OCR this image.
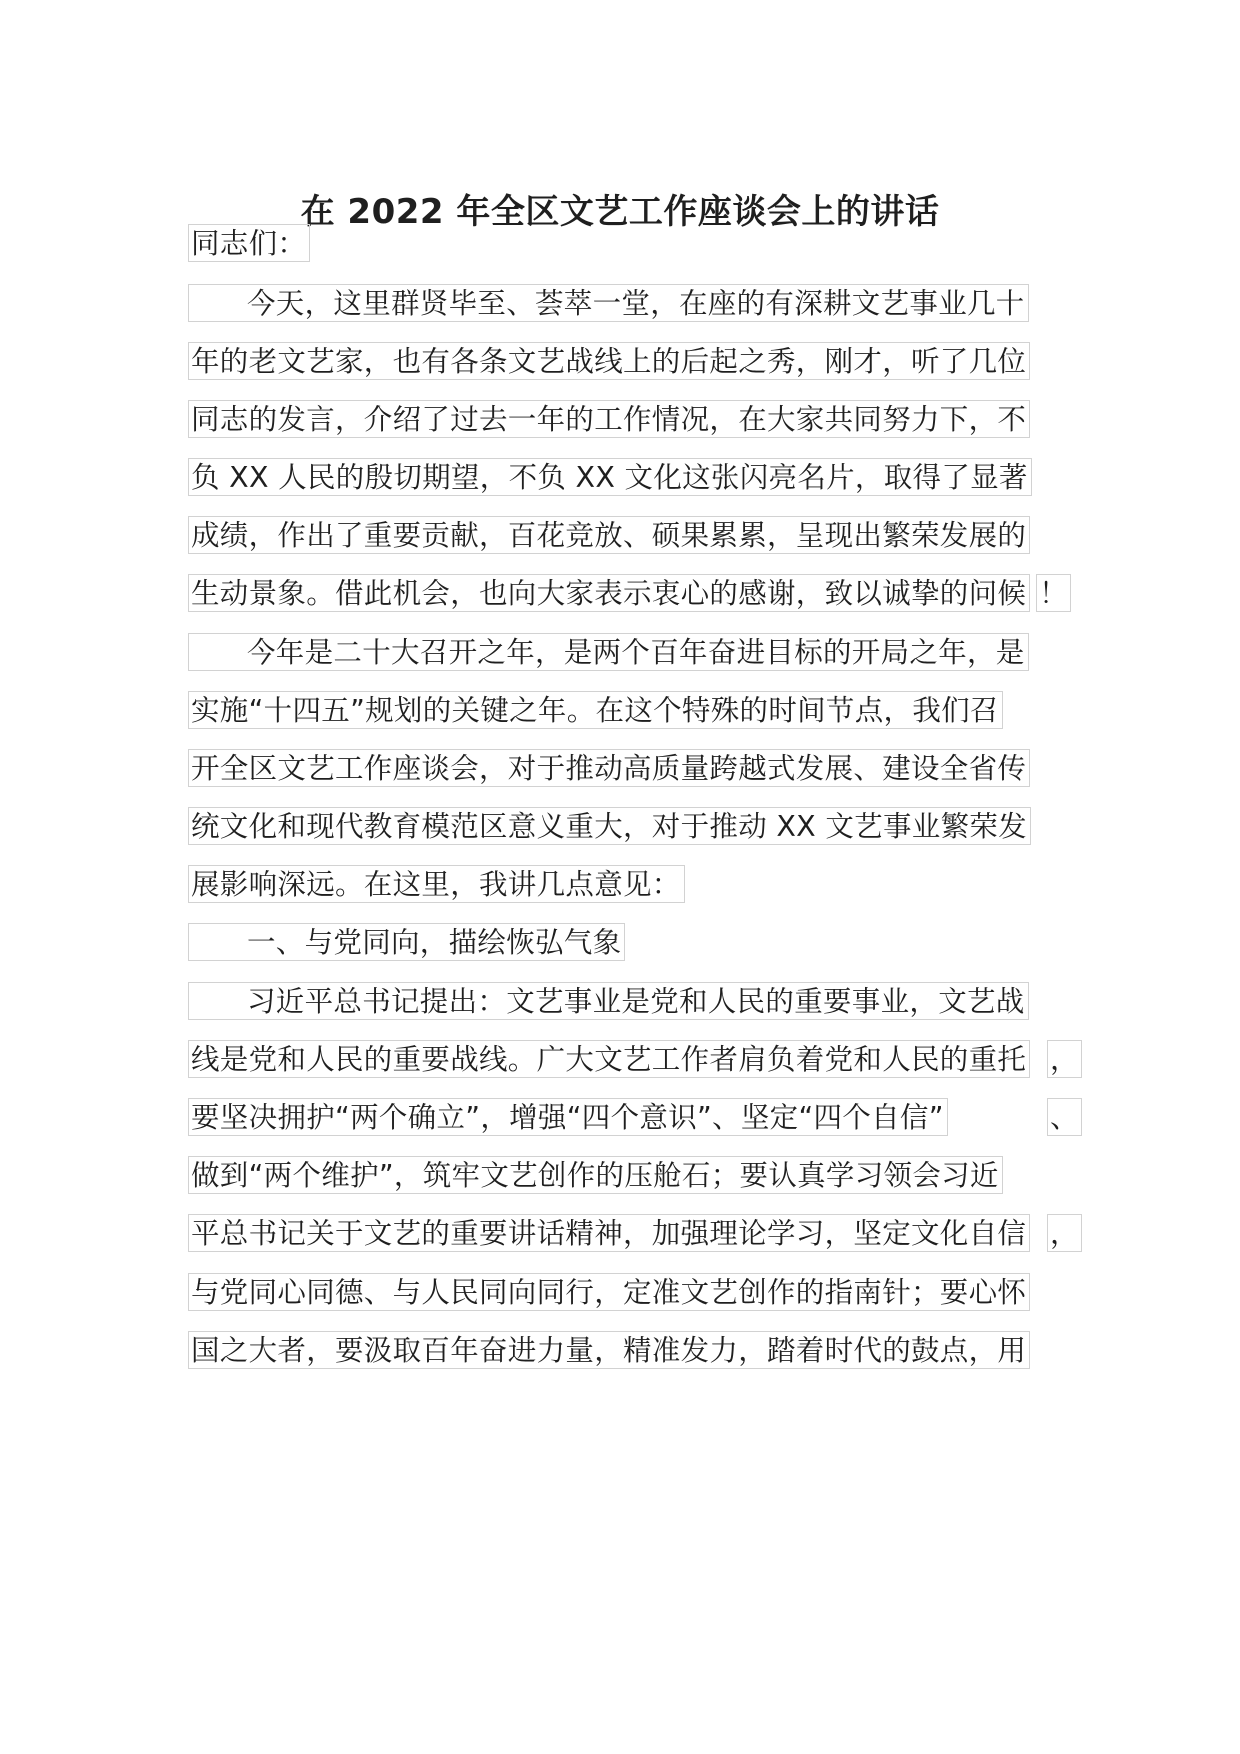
在 2022 年全区文艺工作座谈会上的讲话
同志们：
今天，这里群贤毕至、荟萃一堂，在座的有深耕文艺事业几十
年的老文艺家，也有各条文艺战线上的后起之秀，刚才，听了几位
同志的发言，介绍了过去一年的工作情况，在大家共同努力下，不
负 XX 人民的殷切期望，不负 XX 文化这张闪亮名片，取得了显著
成绩，作出了重要贡献，百花竞放、硕果累累，呈现出繁荣发展的
生动景象。借此机会，也向大家表示衷心的感谢，致以诚挚的问候 ！
今年是二十大召开之年，是两个百年奋进目标的开局之年，是
实施“十四五”规划的关键之年。在这个特殊的时间节点，我们召
开全区文艺工作座谈会，对于推动高质量跨越式发展、建设全省传
统文化和现代教育模范区意义重大，对于推动 XX 文艺事业繁荣发
展影响深远。在这里，我讲几点意见：
一、与党同向，描绘恢弘气象
习近平总书记提出：文艺事业是党和人民的重要事业，文艺战
线是党和人民的重要战线。广大文艺工作者肩负着党和人民的重托 ，
要坚决拥护“两个确立”，增强“四个意识”、坚定“四个自信”	、
做到“两个维护”，筑牢文艺创作的压舱石；要认真学习领会习近
平总书记关于文艺的重要讲话精神，加强理论学习，坚定文化自信 ，
与党同心同德、与人民同向同行，定准文艺创作的指南针；要心怀
国之大者，要汲取百年奋进力量，精准发力，踏着时代的鼓点，用
